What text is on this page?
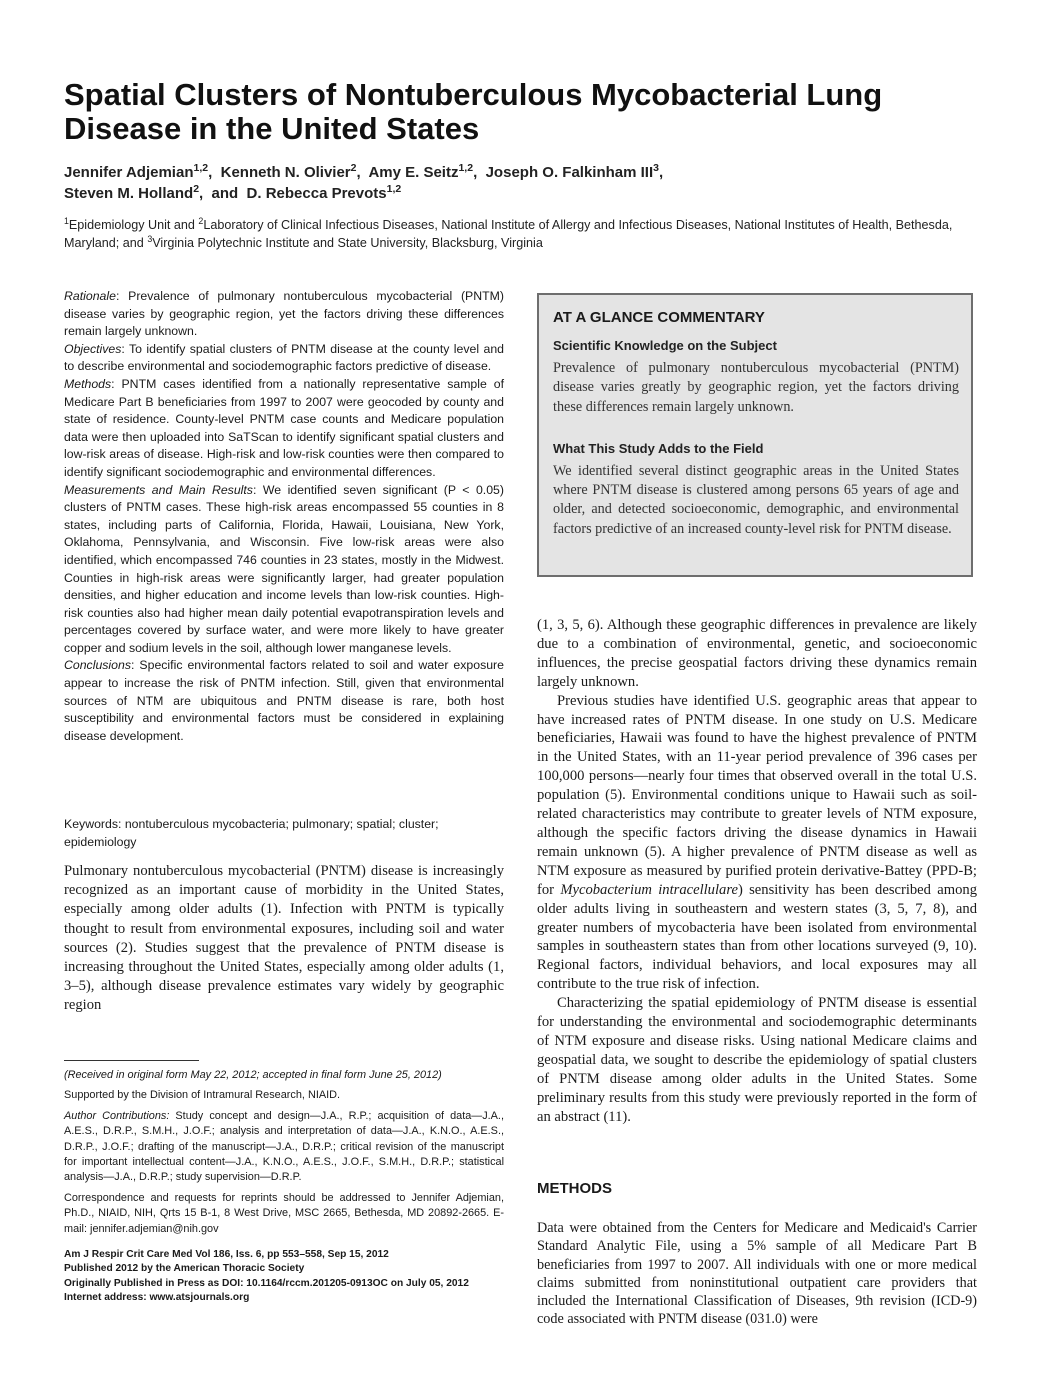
Spatial Clusters of Nontuberculous Mycobacterial Lung Disease in the United States
Jennifer Adjemian$^{1,2}$,  Kenneth N. Olivier$^2$,  Amy E. Seitz$^{1,2}$,  Joseph O. Falkinham III$^3$,
Steven M. Holland$^2$,  and  D. Rebecca Prevots$^{1,2}$
$^1$Epidemiology Unit and $^2$Laboratory of Clinical Infectious Diseases, National Institute of Allergy and Infectious Diseases, National Institutes of Health, Bethesda, Maryland; and $^3$Virginia Polytechnic Institute and State University, Blacksburg, Virginia

Rationale: Prevalence of pulmonary nontuberculous mycobacterial (PNTM) disease varies by geographic region, yet the factors driving these differences remain largely unknown.

Objectives: To identify spatial clusters of PNTM disease at the county level and to describe environmental and sociodemographic factors predictive of disease.

Methods: PNTM cases identified from a nationally representative sample of Medicare Part B beneficiaries from 1997 to 2007 were geocoded by county and state of residence. County-level PNTM case counts and Medicare population data were then uploaded into SaTScan to identify significant spatial clusters and low-risk areas of disease. High-risk and low-risk counties were then compared to identify significant sociodemographic and environmental differences.

Measurements and Main Results: We identified seven significant (P < 0.05) clusters of PNTM cases. These high-risk areas encompassed 55 counties in 8 states, including parts of California, Florida, Hawaii, Louisiana, New York, Oklahoma, Pennsylvania, and Wisconsin. Five low-risk areas were also identified, which encompassed 746 counties in 23 states, mostly in the Midwest. Counties in high-risk areas were significantly larger, had greater population densities, and higher education and income levels than low-risk counties. High-risk counties also had higher mean daily potential evapotranspiration levels and percentages covered by surface water, and were more likely to have greater copper and sodium levels in the soil, although lower manganese levels.

Conclusions: Specific environmental factors related to soil and water exposure appear to increase the risk of PNTM infection. Still, given that environmental sources of NTM are ubiquitous and PNTM disease is rare, both host susceptibility and environmental factors must be considered in explaining disease development.

Keywords: nontuberculous mycobacteria; pulmonary; spatial; cluster; epidemiology
AT A GLANCE COMMENTARY
Scientific Knowledge on the Subject

Prevalence of pulmonary nontuberculous mycobacterial (PNTM) disease varies greatly by geographic region, yet the factors driving these differences remain largely unknown.

What This Study Adds to the Field

We identified several distinct geographic areas in the United States where PNTM disease is clustered among persons 65 years of age and older, and detected socioeconomic, demographic, and environmental factors predictive of an increased county-level risk for PNTM disease.

Pulmonary nontuberculous mycobacterial (PNTM) disease is increasingly recognized as an important cause of morbidity in the United States, especially among older adults (1). Infection with PNTM is typically thought to result from environmental exposures, including soil and water sources (2). Studies suggest that the prevalence of PNTM disease is increasing throughout the United States, especially among older adults (1, 3–5), although disease prevalence estimates vary widely by geographic region

(1, 3, 5, 6). Although these geographic differences in prevalence are likely due to a combination of environmental, genetic, and socioeconomic influences, the precise geospatial factors driving these dynamics remain largely unknown.

Previous studies have identified U.S. geographic areas that appear to have increased rates of PNTM disease. In one study on U.S. Medicare beneficiaries, Hawaii was found to have the highest prevalence of PNTM in the United States, with an 11-year period prevalence of 396 cases per 100,000 persons—nearly four times that observed overall in the total U.S. population (5). Environmental conditions unique to Hawaii such as soil-related characteristics may contribute to greater levels of NTM exposure, although the specific factors driving the disease dynamics in Hawaii remain unknown (5). A higher prevalence of PNTM disease as well as NTM exposure as measured by purified protein derivative-Battey (PPD-B; for Mycobacterium intracellulare) sensitivity has been described among older adults living in southeastern and western states (3, 5, 7, 8), and greater numbers of mycobacteria have been isolated from environmental samples in southeastern states than from other locations surveyed (9, 10). Regional factors, individual behaviors, and local exposures may all contribute to the true risk of infection.

Characterizing the spatial epidemiology of PNTM disease is essential for understanding the environmental and sociodemographic determinants of NTM exposure and disease risks. Using national Medicare claims and geospatial data, we sought to describe the epidemiology of spatial clusters of PNTM disease among older adults in the United States. Some preliminary results from this study were previously reported in the form of an abstract (11).

(Received in original form May 22, 2012; accepted in final form June 25, 2012)

Supported by the Division of Intramural Research, NIAID.

Author Contributions: Study concept and design—J.A., R.P.; acquisition of data—J.A., A.E.S., D.R.P., S.M.H., J.O.F.; analysis and interpretation of data—J.A., K.N.O., A.E.S., D.R.P., J.O.F.; drafting of the manuscript—J.A., D.R.P.; critical revision of the manuscript for important intellectual content—J.A., K.N.O., A.E.S., J.O.F., S.M.H., D.R.P.; statistical analysis—J.A., D.R.P.; study supervision—D.R.P.

Correspondence and requests for reprints should be addressed to Jennifer Adjemian, Ph.D., NIAID, NIH, Qrts 15 B-1, 8 West Drive, MSC 2665, Bethesda, MD 20892-2665. E-mail: jennifer.adjemian@nih.gov

Am J Respir Crit Care Med Vol 186, Iss. 6, pp 553–558, Sep 15, 2012
Published 2012 by the American Thoracic Society
Originally Published in Press as DOI: 10.1164/rccm.201205-0913OC on July 05, 2012
Internet address: www.atsjournals.org
METHODS

Data were obtained from the Centers for Medicare and Medicaid's Carrier Standard Analytic File, using a 5% sample of all Medicare Part B beneficiaries from 1997 to 2007. All individuals with one or more medical claims submitted from noninstitutional outpatient care providers that included the International Classification of Diseases, 9th revision (ICD-9) code associated with PNTM disease (031.0) were
